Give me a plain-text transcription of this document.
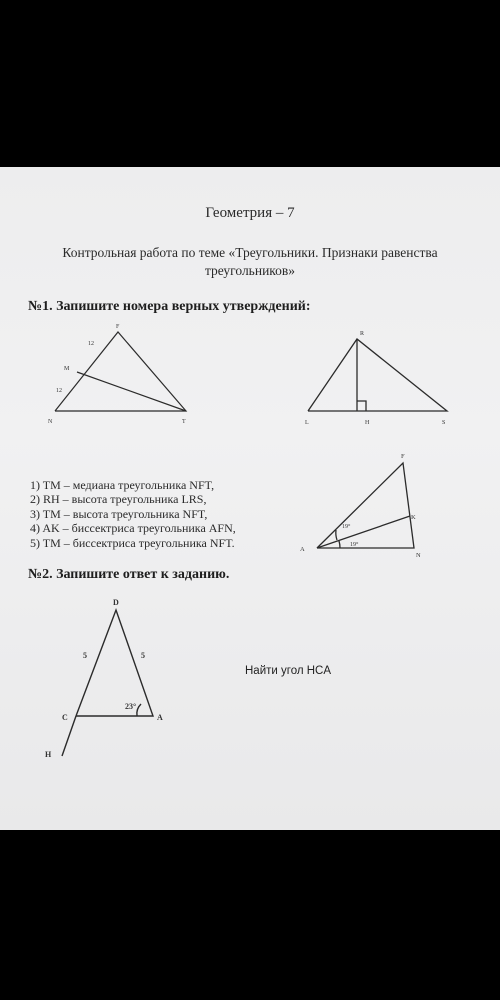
Геометрия – 7
Контрольная работа по теме «Треугольники. Признаки равенства
треугольников»
№1. Запишите номера верных утверждений:
1) TM – медиана треугольника NFT,
2) RH – высота треугольника LRS,
3) TM – высота треугольника NFT,
4) AK – биссектриса треугольника AFN,
5) TM – биссектриса треугольника NFT.
№2. Запишите ответ к заданию.
Найти угол HCA
F
M
N	T
12
12
R
L	H	S
F
K
A
N
19°
19°
D
C	A
H
5	5
23°
